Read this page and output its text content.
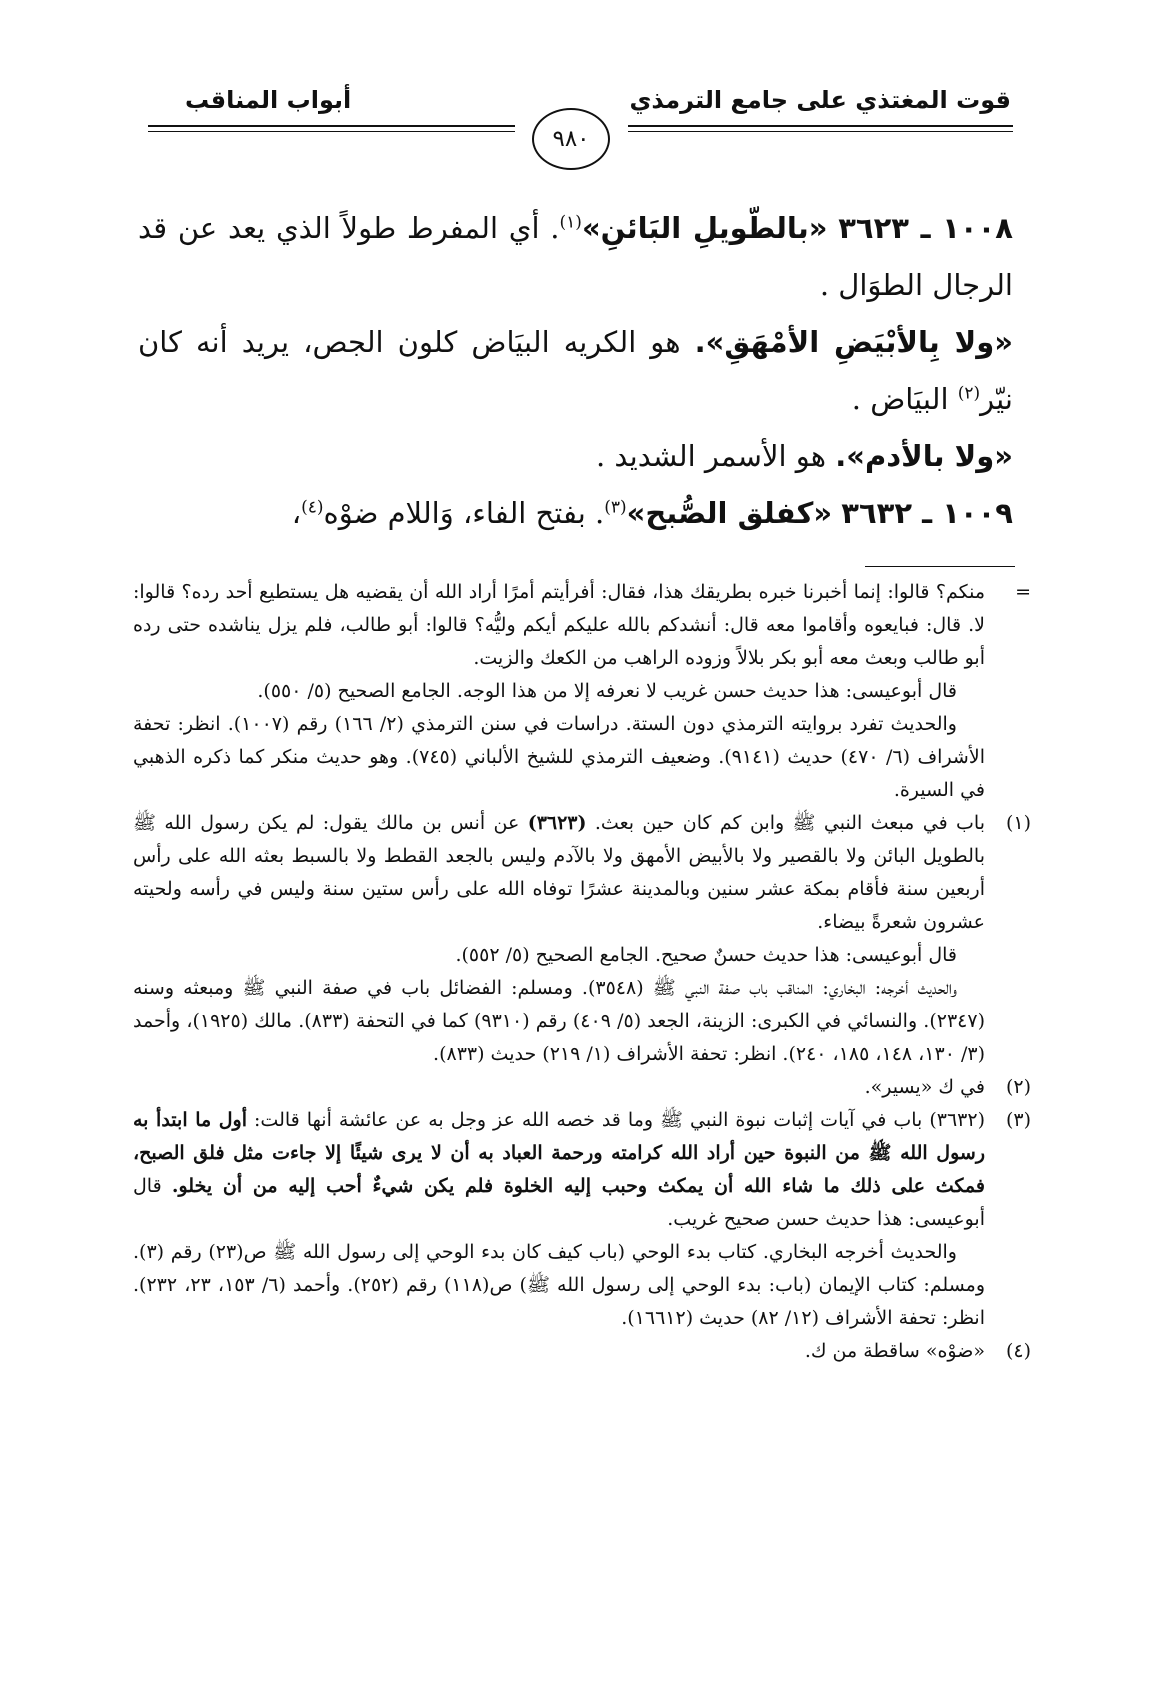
قوت المغتذي على جامع الترمذي
أبواب المناقب
٩٨٠

١٠٠٨ ـ ٣٦٢٣ «بالطّويلِ البَائنِ»$^{(١)}$. أي المفرط طولاً الذي يعد عن قد الرجال الطوَال .

«ولا بِالأبْيَضِ الأمْهَقِ». هو الكريه البيَاض كلون الجص، يريد أنه كان نيّر$^{(٢)}$ البيَاض .

«ولا بالأدم». هو الأسمر الشديد .

١٠٠٩ ـ ٣٦٣٢ «كفلق الصُّبح»$^{(٣)}$. بفتح الفاء، وَاللام ضوْه$^{(٤)}$،

=
منكم؟ قالوا: إنما أخبرنا خبره بطريقك هذا، فقال: أفرأيتم أمرًا أراد الله أن يقضيه هل يستطيع أحد رده؟ قالوا: لا. قال: فبايعوه وأقاموا معه قال: أنشدكم بالله عليكم أيكم وليُّه؟ قالوا: أبو طالب، فلم يزل يناشده حتى رده أبو طالب وبعث معه أبو بكر بلالاً وزوده الراهب من الكعك والزيت.

قال أبوعيسى: هذا حديث حسن غريب لا نعرفه إلا من هذا الوجه. الجامع الصحيح (٥/ ٥٥٠).

والحديث تفرد بروايته الترمذي دون الستة. دراسات في سنن الترمذي (٢/ ١٦٦) رقم (١٠٠٧). انظر: تحفة الأشراف (٦/ ٤٧٠) حديث (٩١٤١). وضعيف الترمذي للشيخ الألباني (٧٤٥). وهو حديث منكر كما ذكره الذهبي في السيرة.

(١)
باب في مبعث النبي ﷺ وابن كم كان حين بعث. (٣٦٢٣) عن أنس بن مالك يقول: لم يكن رسول الله ﷺ بالطويل البائن ولا بالقصير ولا بالأبيض الأمهق ولا بالآدم وليس بالجعد القطط ولا بالسبط بعثه الله على رأس أربعين سنة فأقام بمكة عشر سنين وبالمدينة عشرًا توفاه الله على رأس ستين سنة وليس في رأسه ولحيته عشرون شعرةً بيضاء.

قال أبوعيسى: هذا حديث حسنٌ صحيح. الجامع الصحيح (٥/ ٥٥٢).

والحديث أخرجه: البخاري: المناقب باب صفة النبي ﷺ (٣٥٤٨). ومسلم: الفضائل باب في صفة النبي ﷺ ومبعثه وسنه (٢٣٤٧). والنسائي في الكبرى: الزينة، الجعد (٥/ ٤٠٩) رقم (٩٣١٠) كما في التحفة (٨٣٣). مالك (١٩٢٥)، وأحمد (٣/ ١٣٠، ١٤٨، ١٨٥، ٢٤٠). انظر: تحفة الأشراف (١/ ٢١٩) حديث (٨٣٣).

(٢)
في ك «يسير».

(٣)
(٣٦٣٢) باب في آيات إثبات نبوة النبي ﷺ وما قد خصه الله عز وجل به عن عائشة أنها قالت: أول ما ابتدأ به رسول الله ﷺ من النبوة حين أراد الله كرامته ورحمة العباد به أن لا يرى شيئًا إلا جاءت مثل فلق الصبح، فمكث على ذلك ما شاء الله أن يمكث وحبب إليه الخلوة فلم يكن شيءٌ أحب إليه من أن يخلو. قال أبوعيسى: هذا حديث حسن صحيح غريب.

والحديث أخرجه البخاري. كتاب بدء الوحي (باب كيف كان بدء الوحي إلى رسول الله ﷺ ص(٢٣) رقم (٣). ومسلم: كتاب الإيمان (باب: بدء الوحي إلى رسول الله ﷺ) ص(١١٨) رقم (٢٥٢). وأحمد (٦/ ١٥٣، ٢٣، ٢٣٢). انظر: تحفة الأشراف (١٢/ ٨٢) حديث (١٦٦١٢).

(٤)
«ضوْه» ساقطة من ك.
